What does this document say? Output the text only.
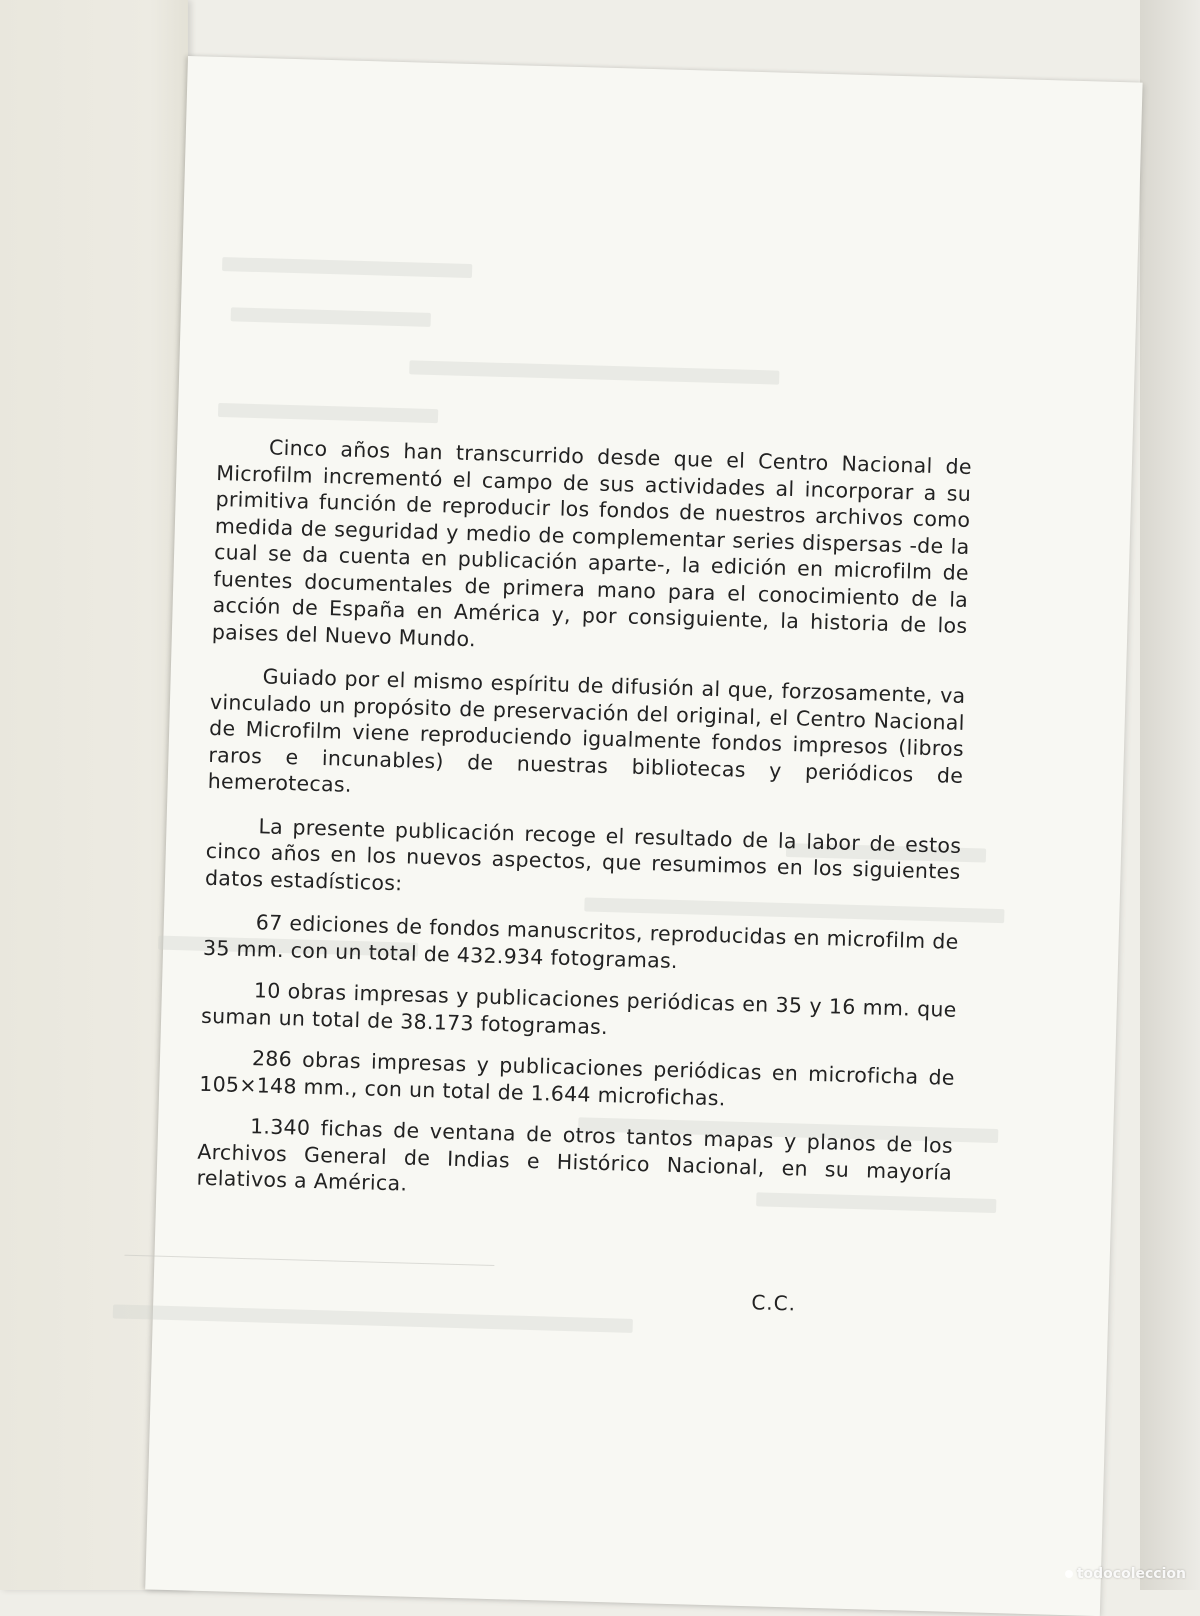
Cinco años han transcurrido desde que el Centro Nacional de Microfilm incrementó el campo de sus actividades al incorporar a su primitiva función de reproducir los fondos de nuestros archivos como medida de seguridad y medio de complementar series dispersas -de la cual se da cuenta en publicación aparte-, la edición en microfilm de fuentes documentales de primera mano para el conocimiento de la acción de España en América y, por consiguiente, la historia de los paises del Nuevo Mundo.

Guiado por el mismo espíritu de difusión al que, forzosamente, va vinculado un propósito de preservación del original, el Centro Nacional de Microfilm viene reproduciendo igualmente fondos impresos (libros raros e incunables) de nuestras bibliotecas y periódicos de hemerotecas.

La presente publicación recoge el resultado de la labor de estos cinco años en los nuevos aspectos, que resumimos en los siguientes datos estadísticos:

67 ediciones de fondos manuscritos, reproducidas en microfilm de 35 mm. con un total de 432.934 fotogramas.

10 obras impresas y publicaciones periódicas en 35 y 16 mm. que suman un total de 38.173 fotogramas.

286 obras impresas y publicaciones periódicas en microficha de 105×148 mm., con un total de 1.644 microfichas.

1.340 fichas de ventana de otros tantos mapas y planos de los Archivos General de Indias e Histórico Nacional, en su mayoría relativos a América.

C.C.
todocoleccion
